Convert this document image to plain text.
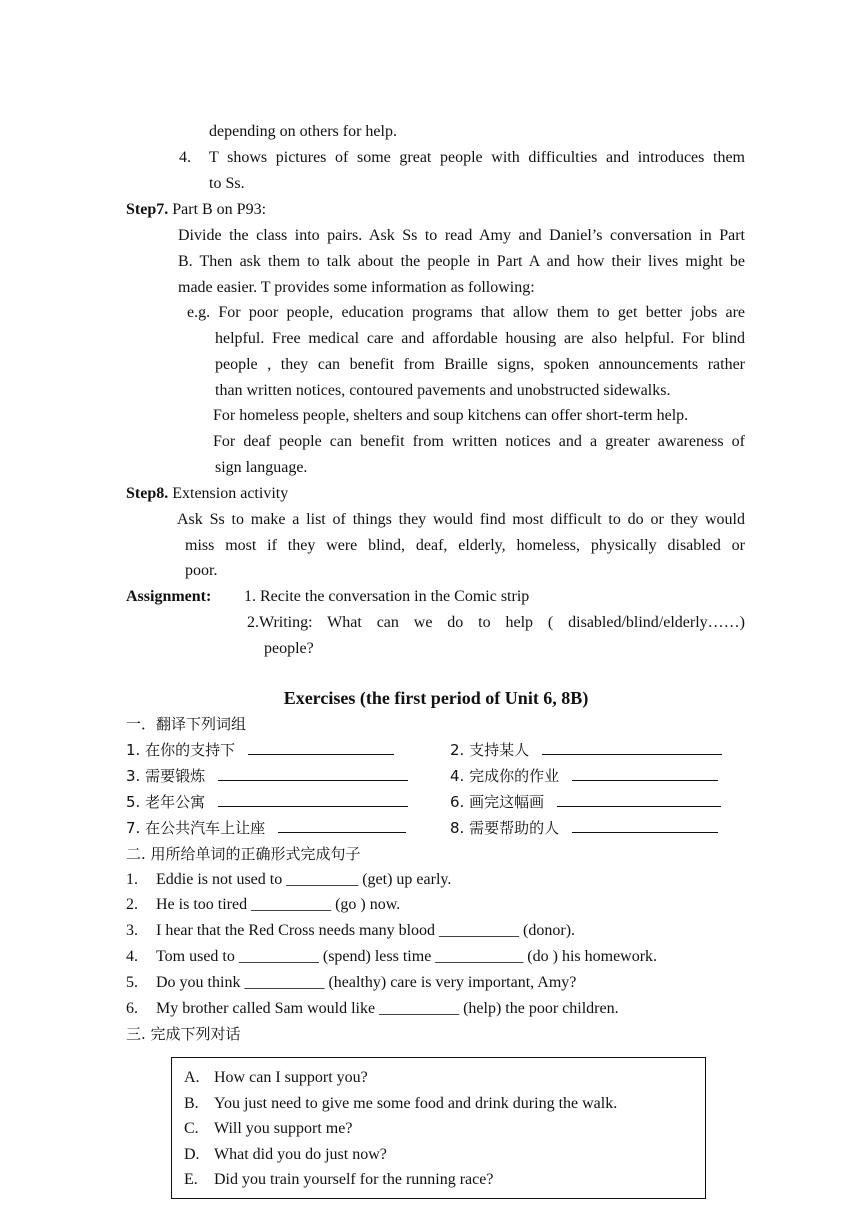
depending on others for help.
4. T shows pictures of some great people with difficulties and introduces them
to Ss.
Step7. Part B on P93:
Divide the class into pairs. Ask Ss to read Amy and Daniel’s conversation in Part
B. Then ask them to talk about the people in Part A and how their lives might be
made easier. T provides some information as following:
e.g. For poor people, education programs that allow them to get better jobs are
helpful. Free medical care and affordable housing are also helpful. For blind
people , they can benefit from Braille signs, spoken announcements rather
than written notices, contoured pavements and unobstructed sidewalks.
For homeless people, shelters and soup kitchens can offer short-term help.
For deaf people can benefit from written notices and a greater awareness of
sign language.
Step8. Extension activity
Ask Ss to make a list of things they would find most difficult to do or they would
miss most if they were blind, deaf, elderly, homeless, physically disabled or
poor.
Assignment: 1. Recite the conversation in the Comic strip
2.Writing: What can we do to help ( disabled/blind/elderly……)
people?
Exercises (the first period of Unit 6, 8B)
一．翻译下列词组
1. 在你的支持下	2. 支持某人
3. 需要锻炼	4. 完成你的作业
5. 老年公寓	6. 画完这幅画
7. 在公共汽车上让座	8. 需要帮助的人
二. 用所给单词的正确形式完成句子
1. Eddie is not used to _________ (get) up early.
2. He is too tired __________ (go ) now.
3. I hear that the Red Cross needs many blood __________ (donor).
4. Tom used to __________ (spend) less time ___________ (do ) his homework.
5. Do you think __________ (healthy) care is very important, Amy?
6. My brother called Sam would like __________ (help) the poor children.
三. 完成下列对话
A. How can I support you?
B. You just need to give me some food and drink during the walk.
C. Will you support me?
D. What did you do just now?
E. Did you train yourself for the running race?
